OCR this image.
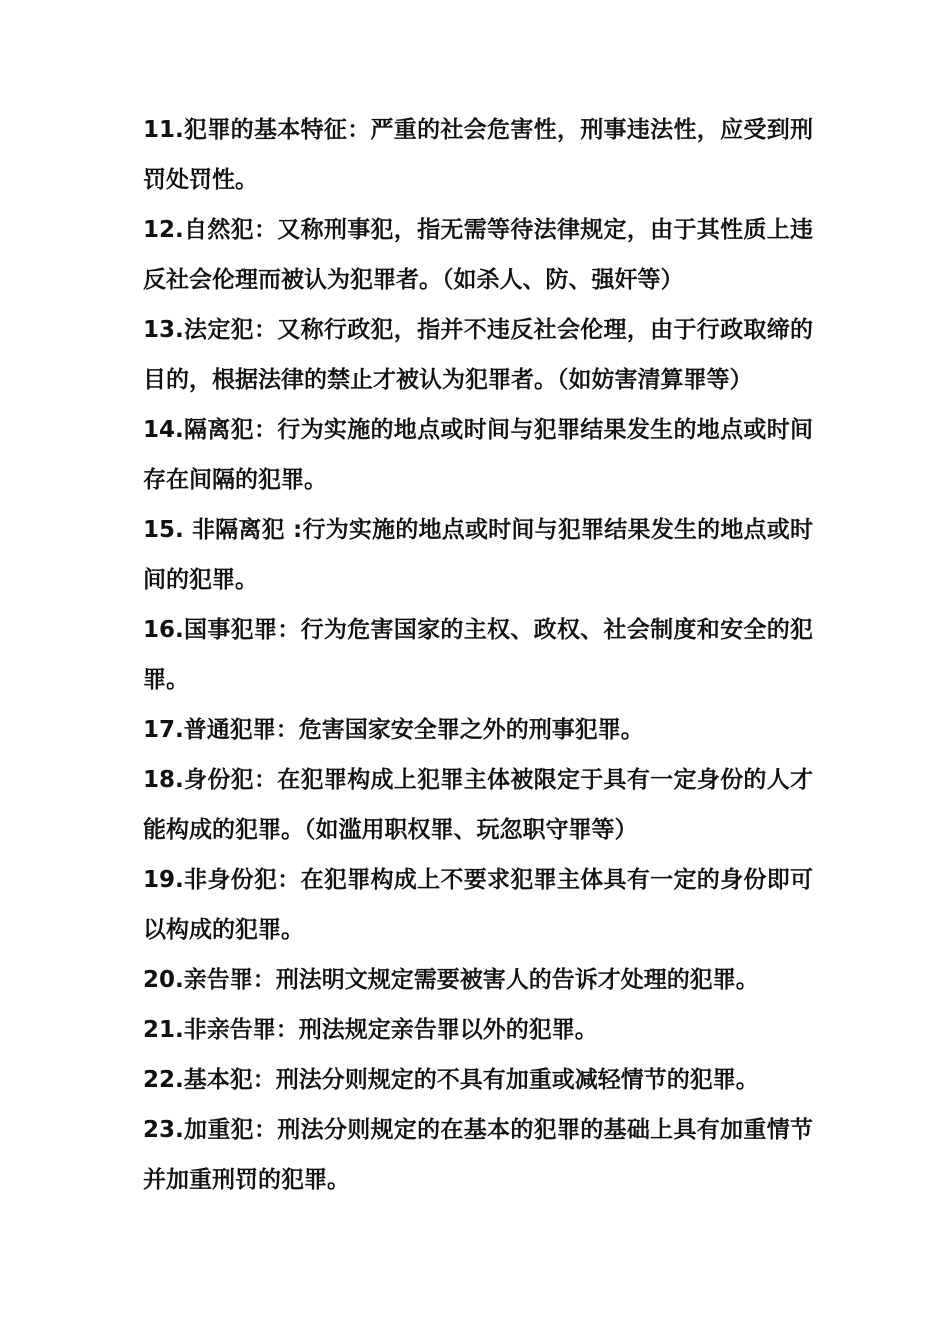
11.犯罪的基本特征：严重的社会危害性，刑事违法性，应受到刑罚处罚性。

12.自然犯：又称刑事犯，指无需等待法律规定，由于其性质上违反社会伦理而被认为犯罪者。（如杀人、防、强奸等）

13.法定犯：又称行政犯，指并不违反社会伦理，由于行政取缔的目的，根据法律的禁止才被认为犯罪者。（如妨害清算罪等）

14.隔离犯：行为实施的地点或时间与犯罪结果发生的地点或时间存在间隔的犯罪。

15. 非隔离犯 :行为实施的地点或时间与犯罪结果发生的地点或时间的犯罪。

16.国事犯罪：行为危害国家的主权、政权、社会制度和安全的犯罪。

17.普通犯罪：危害国家安全罪之外的刑事犯罪。

18.身份犯：在犯罪构成上犯罪主体被限定于具有一定身份的人才能构成的犯罪。（如滥用职权罪、玩忽职守罪等）

19.非身份犯：在犯罪构成上不要求犯罪主体具有一定的身份即可以构成的犯罪。

20.亲告罪：刑法明文规定需要被害人的告诉才处理的犯罪。

21.非亲告罪：刑法规定亲告罪以外的犯罪。

22.基本犯：刑法分则规定的不具有加重或减轻情节的犯罪。

23.加重犯：刑法分则规定的在基本的犯罪的基础上具有加重情节并加重刑罚的犯罪。
